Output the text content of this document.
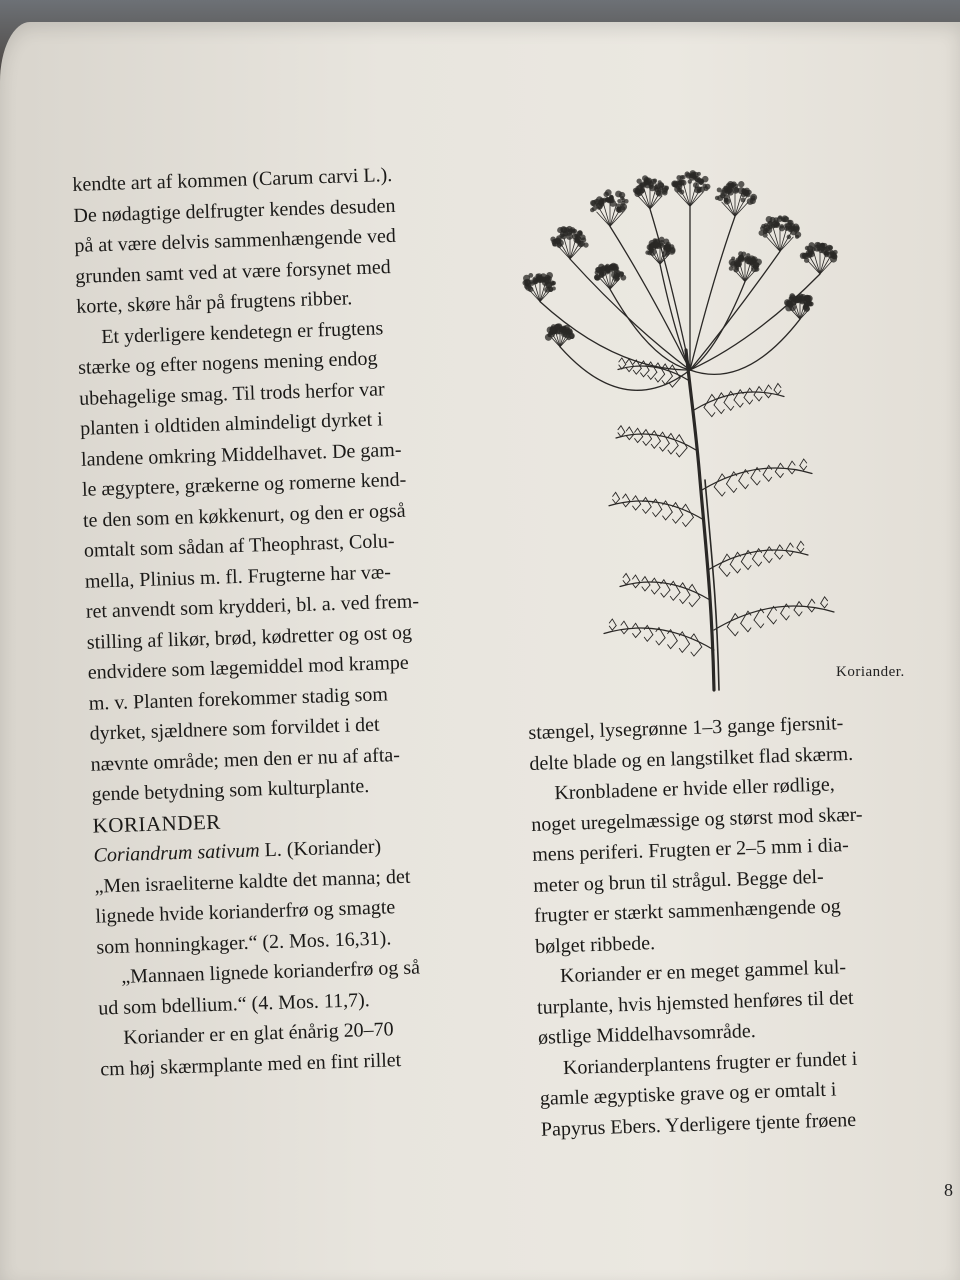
kendte art af kommen (Carum carvi L.).
De nødagtige delfrugter kendes desuden
på at være delvis sammenhængende ved
grunden samt ved at være forsynet med
korte, skøre hår på frugtens ribber.

Et yderligere kendetegn er frugtens
stærke og efter nogens mening endog
ubehagelige smag. Til trods herfor var
planten i oldtiden almindeligt dyrket i
landene omkring Middelhavet. De gam-
le ægyptere, grækerne og romerne kend-
te den som en køkkenurt, og den er også
omtalt som sådan af Theophrast, Colu-
mella, Plinius m. fl. Frugterne har væ-
ret anvendt som krydderi, bl. a. ved frem-
stilling af likør, brød, kødretter og ost og
endvidere som lægemiddel mod krampe
m. v. Planten forekommer stadig som
dyrket, sjældnere som forvildet i det
nævnte område; men den er nu af afta-
gende betydning som kulturplante.

KORIANDER

Coriandrum sativum L. (Koriander)

„Men israeliterne kaldte det manna; det
lignede hvide korianderfrø og smagte
som honningkager.“ (2. Mos. 16,31).

„Mannaen lignede korianderfrø og så
ud som bdellium.“ (4. Mos. 11,7).

Koriander er en glat énårig 20–70
cm høj skærmplante med en fint rillet

Koriander.

stængel, lysegrønne 1–3 gange fjersnit-
delte blade og en langstilket flad skærm.

Kronbladene er hvide eller rødlige,
noget uregelmæssige og størst mod skær-
mens periferi. Frugten er 2–5 mm i dia-
meter og brun til strågul. Begge del-
frugter er stærkt sammenhængende og
bølget ribbede.

Koriander er en meget gammel kul-
turplante, hvis hjemsted henføres til det
østlige Middelhavsområde.

Korianderplantens frugter er fundet i
gamle ægyptiske grave og er omtalt i
Papyrus Ebers. Yderligere tjente frøene

8
